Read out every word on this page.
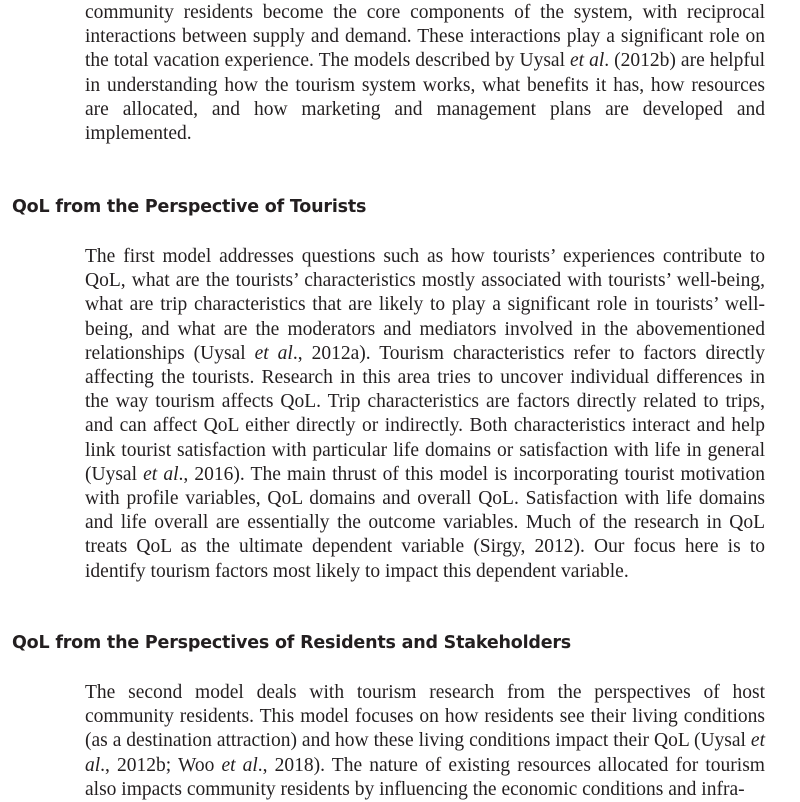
community residents become the core components of the system, with reciprocal interactions between supply and demand. These interactions play a significant role on the total vacation experience. The models described by Uysal et al. (2012b) are helpful in understanding how the tourism system works, what benefits it has, how resources are allocated, and how marketing and management plans are developed and implemented.

QoL from the Perspective of Tourists

The first model addresses questions such as how tourists’ experiences contribute to QoL, what are the tourists’ characteristics mostly associated with tourists’ well-being, what are trip characteristics that are likely to play a significant role in tourists’ well-being, and what are the moderators and mediators involved in the abovementioned relationships (Uysal et al., 2012a). Tourism characteristics refer to factors directly affecting the tourists. Research in this area tries to uncover individual differences in the way tourism affects QoL. Trip characteristics are factors directly related to trips, and can affect QoL either directly or indirectly. Both characteristics interact and help link tourist satisfaction with particular life domains or satisfaction with life in general (Uysal et al., 2016). The main thrust of this model is incorporating tourist motivation with profile variables, QoL domains and overall QoL. Satisfaction with life domains and life overall are essentially the outcome variables. Much of the research in QoL treats QoL as the ultimate dependent variable (Sirgy, 2012). Our focus here is to identify tourism factors most likely to impact this dependent variable.

QoL from the Perspectives of Residents and Stakeholders

The second model deals with tourism research from the perspectives of host community residents. This model focuses on how residents see their living conditions (as a destination attraction) and how these living conditions impact their QoL (Uysal et al., 2012b; Woo et al., 2018). The nature of existing resources allocated for tourism also impacts community residents by influencing the economic conditions and infra-
